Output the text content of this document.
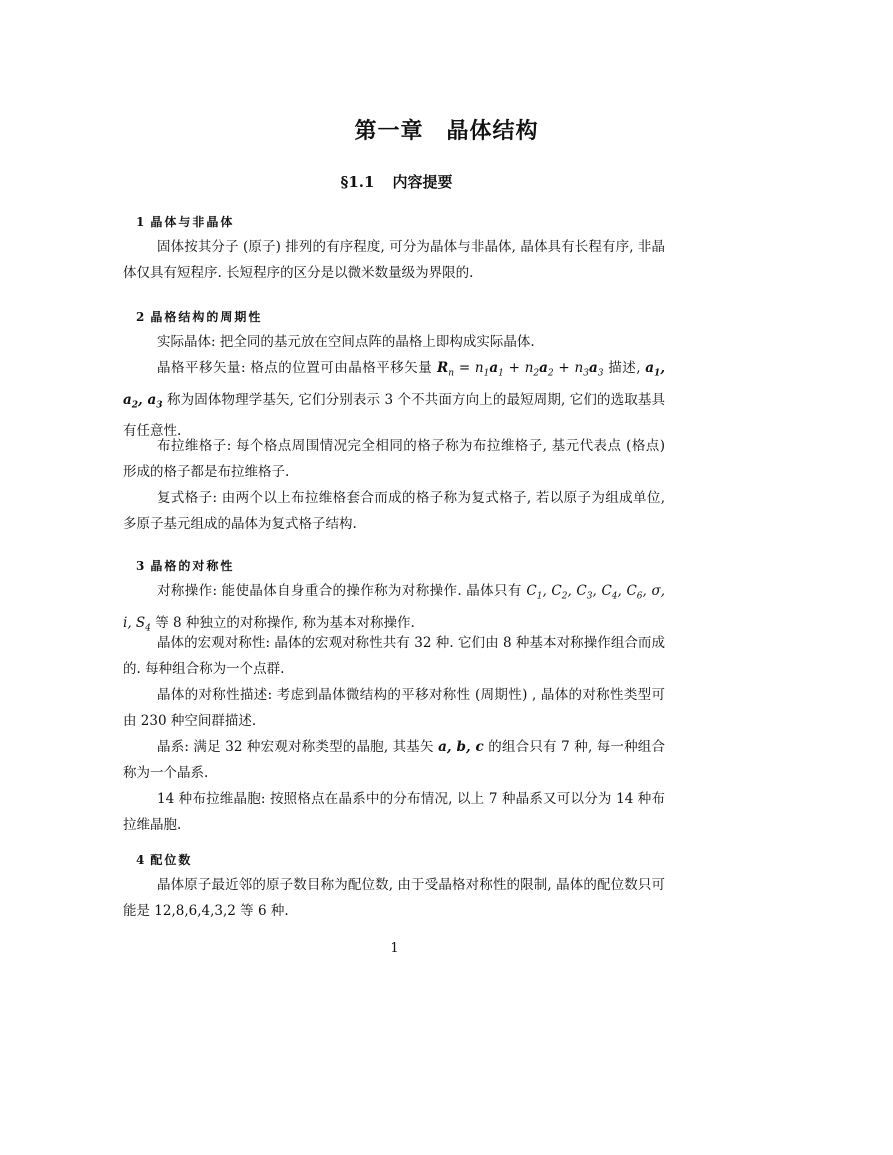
第一章　晶体结构
§1.1 内容提要
1 晶体与非晶体
固体按其分子 (原子) 排列的有序程度, 可分为晶体与非晶体, 晶体具有长程有序, 非晶体仅具有短程序. 长短程序的区分是以微米数量级为界限的.
2 晶格结构的周期性
实际晶体: 把全同的基元放在空间点阵的晶格上即构成实际晶体.
晶格平移矢量: 格点的位置可由晶格平移矢量 $R_n = n_1a_1 + n_2a_2 + n_3a_3$ 描述, $a_1$, $a_2$, $a_3$ 称为固体物理学基矢, 它们分别表示 3 个不共面方向上的最短周期, 它们的选取基具有任意性.
布拉维格子: 每个格点周围情况完全相同的格子称为布拉维格子, 基元代表点 (格点) 形成的格子都是布拉维格子.
复式格子: 由两个以上布拉维格套合而成的格子称为复式格子, 若以原子为组成单位, 多原子基元组成的晶体为复式格子结构.
3 晶格的对称性
对称操作: 能使晶体自身重合的操作称为对称操作. 晶体只有 $C_1$, $C_2$, $C_3$, $C_4$, $C_6$, σ, i, $S_4$ 等 8 种独立的对称操作, 称为基本对称操作.
晶体的宏观对称性: 晶体的宏观对称性共有 32 种. 它们由 8 种基本对称操作组合而成的. 每种组合称为一个点群.
晶体的对称性描述: 考虑到晶体微结构的平移对称性 (周期性) , 晶体的对称性类型可由 230 种空间群描述.
晶系: 满足 32 种宏观对称类型的晶胞, 其基矢 a, b, c 的组合只有 7 种, 每一种组合称为一个晶系.
14 种布拉维晶胞: 按照格点在晶系中的分布情况, 以上 7 种晶系又可以分为 14 种布拉维晶胞.
4 配位数
晶体原子最近邻的原子数目称为配位数, 由于受晶格对称性的限制, 晶体的配位数只可能是 12,8,6,4,3,2 等 6 种.
1
